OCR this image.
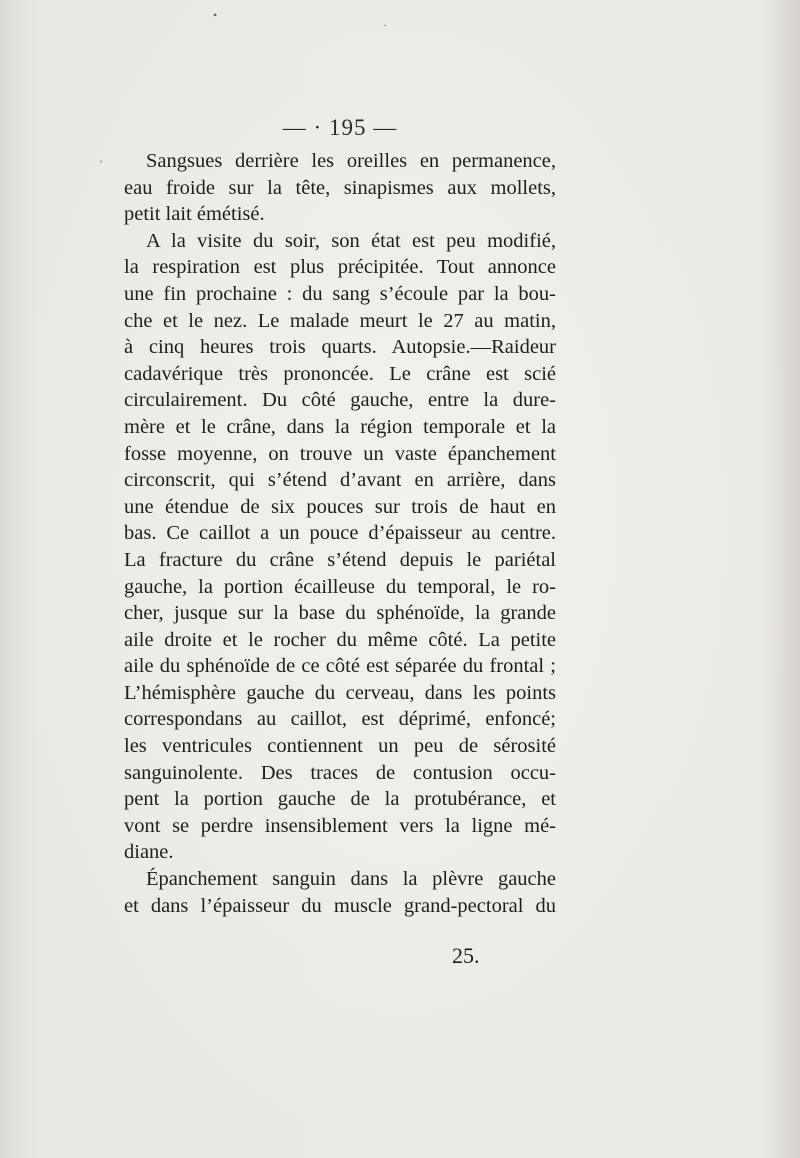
•
·
'
— · 195 —

Sangsues derrière les oreilles en permanence,

eau froide sur la tête, sinapismes aux mollets,

petit lait émétisé.

A la visite du soir, son état est peu modifié,

la respiration est plus précipitée. Tout annonce

une fin prochaine : du sang s’écoule par la bou-

che et le nez. Le malade meurt le 27 au matin,

à cinq heures trois quarts. Autopsie.—Raideur

cadavérique très prononcée. Le crâne est scié

circulairement. Du côté gauche, entre la dure-

mère et le crâne, dans la région temporale et la

fosse moyenne, on trouve un vaste épanchement

circonscrit, qui s’étend d’avant en arrière, dans

une étendue de six pouces sur trois de haut en

bas. Ce caillot a un pouce d’épaisseur au centre.

La fracture du crâne s’étend depuis le pariétal

gauche, la portion écailleuse du temporal, le ro-

cher, jusque sur la base du sphénoïde, la grande

aile droite et le rocher du même côté. La petite

aile du sphénoïde de ce côté est séparée du frontal ;

L’hémisphère gauche du cerveau, dans les points

correspondans au caillot, est déprimé, enfoncé;

les ventricules contiennent un peu de sérosité

sanguinolente. Des traces de contusion occu-

pent la portion gauche de la protubérance, et

vont se perdre insensiblement vers la ligne mé-

diane.

Épanchement sanguin dans la plèvre gauche

et dans l’épaisseur du muscle grand-pectoral du

25.
